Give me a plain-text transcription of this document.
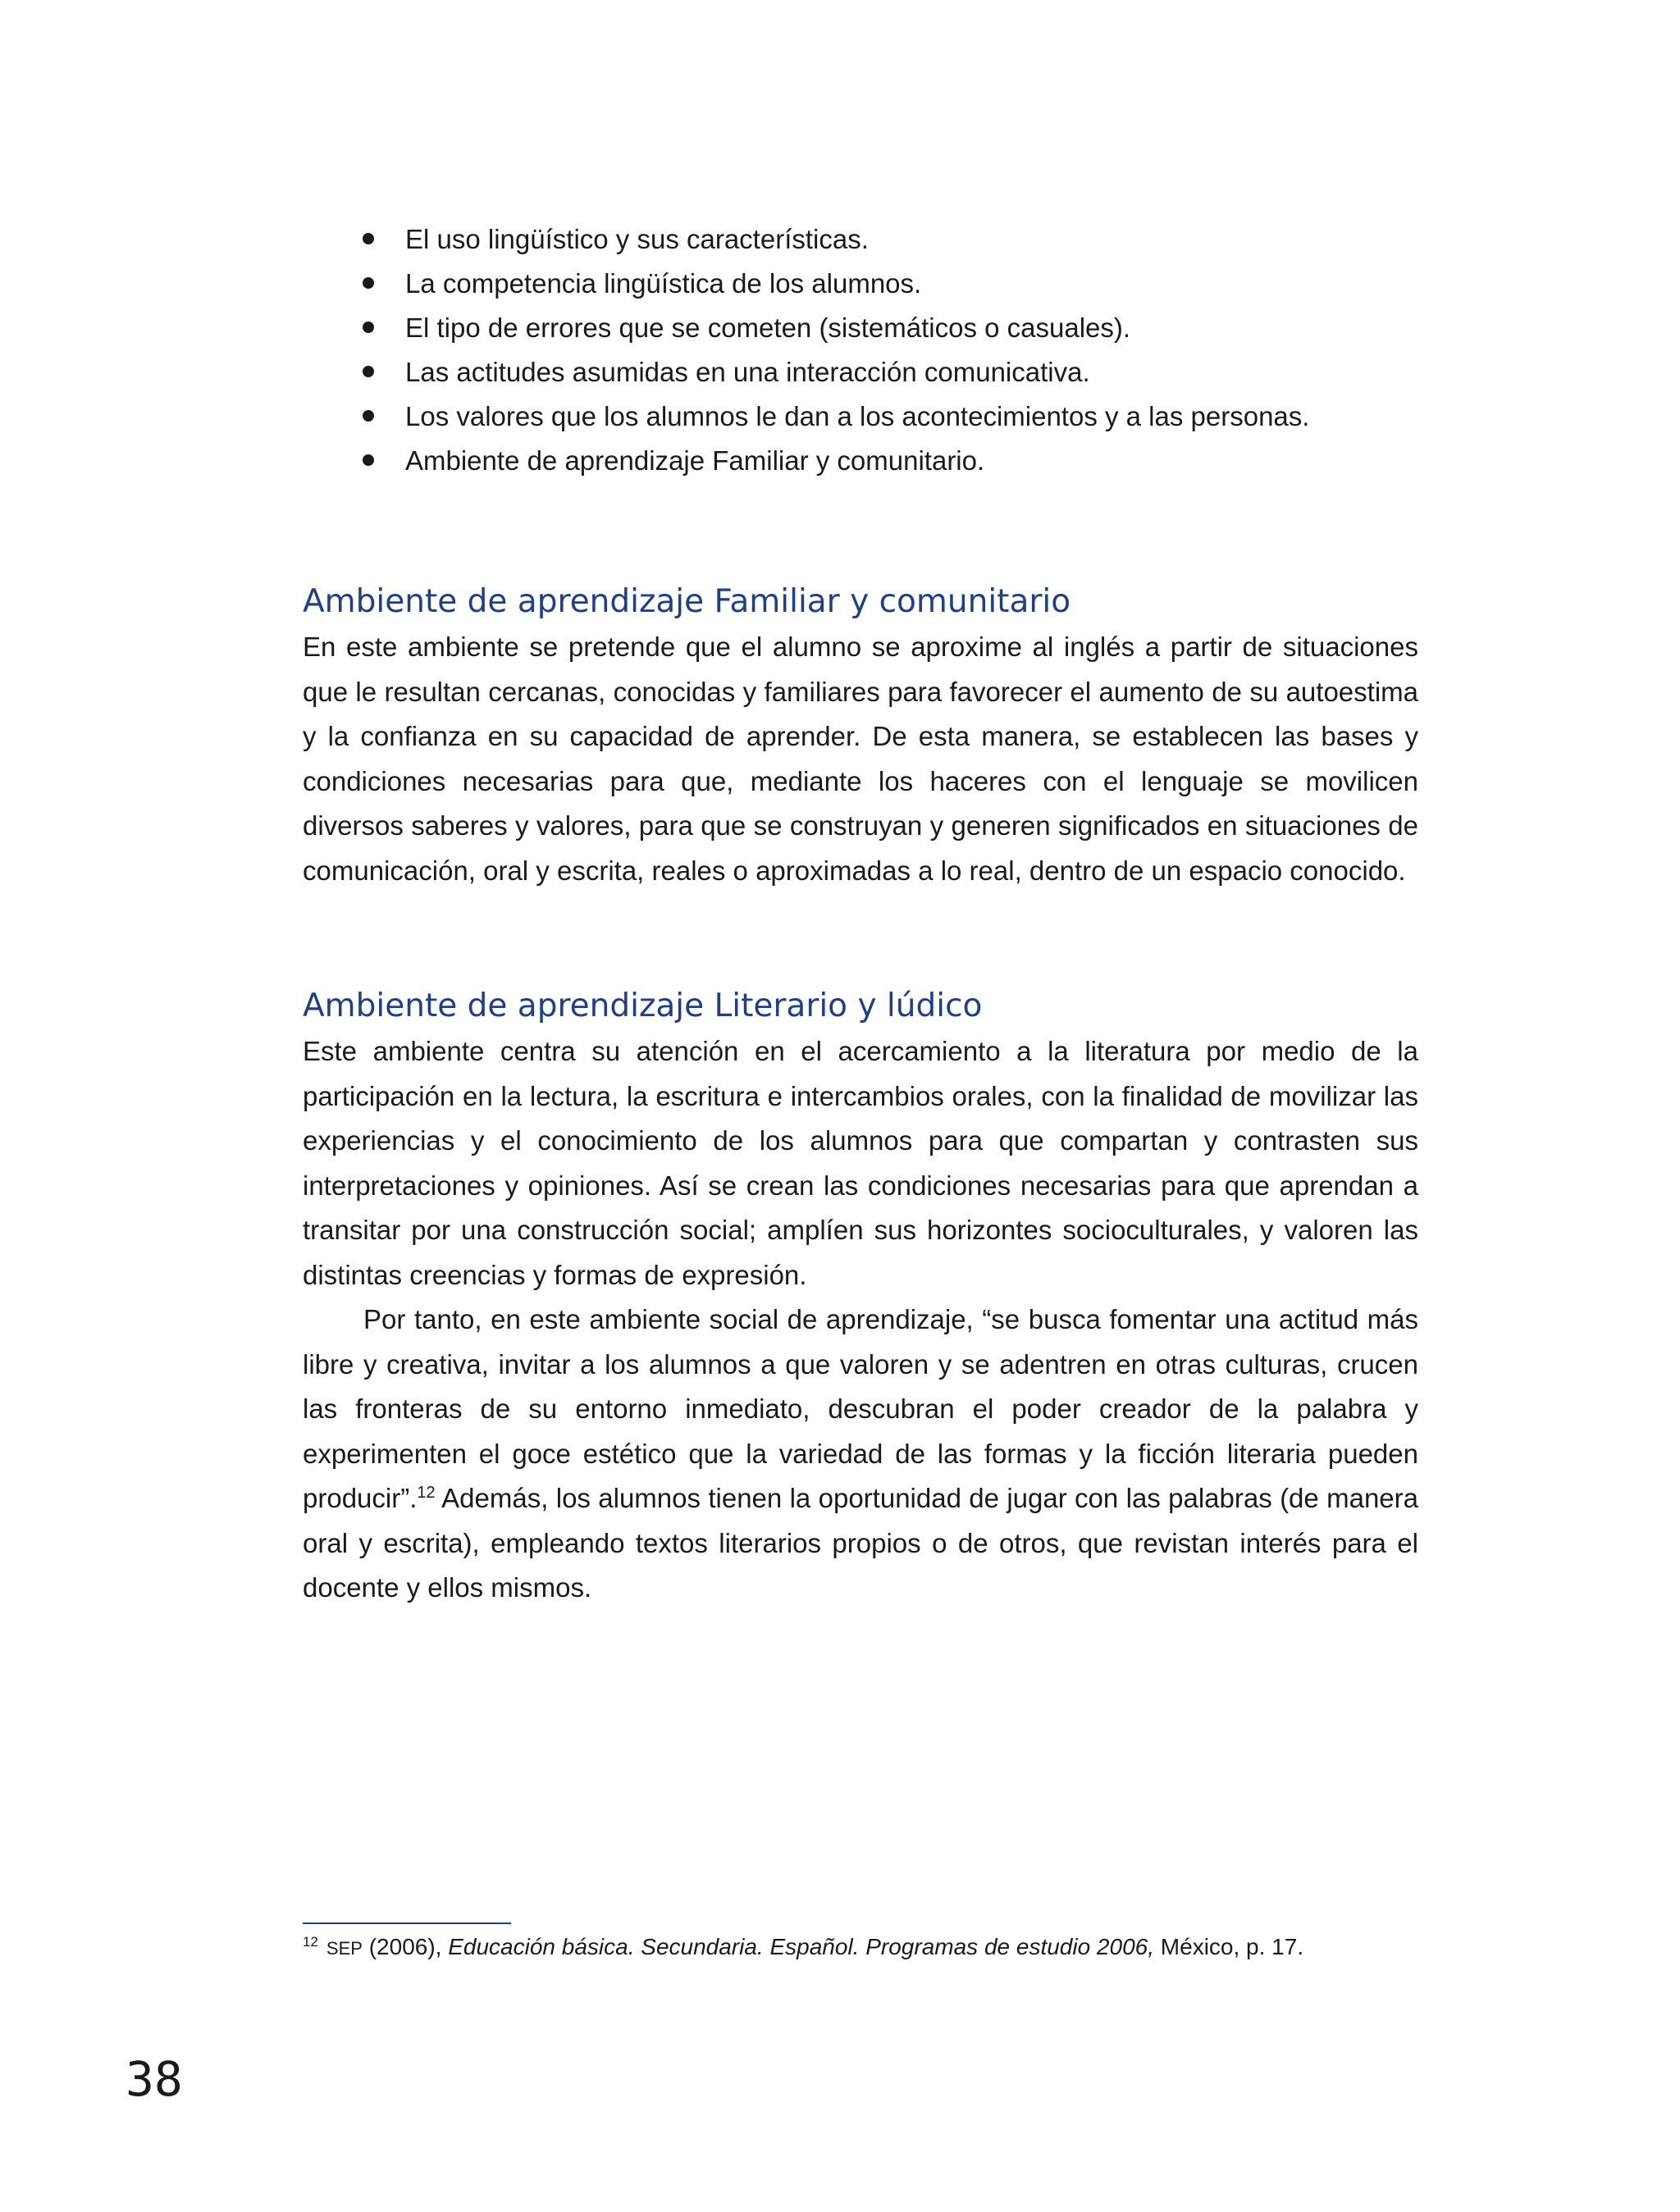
El uso lingüístico y sus características.
La competencia lingüística de los alumnos.
El tipo de errores que se cometen (sistemáticos o casuales).
Las actitudes asumidas en una interacción comunicativa.
Los valores que los alumnos le dan a los acontecimientos y a las personas.
Ambiente de aprendizaje Familiar y comunitario.
Ambiente de aprendizaje Familiar y comunitario

En este ambiente se pretende que el alumno se aproxime al inglés a partir de situaciones que le resultan cercanas, conocidas y familiares para favorecer el aumento de su autoestima y la confianza en su capacidad de aprender. De esta manera, se establecen las bases y condiciones necesarias para que, mediante los haceres con el lenguaje se movilicen diversos saberes y valores, para que se construyan y generen significados en situaciones de comunicación, oral y escrita, reales o aproximadas a lo real, dentro de un espacio conocido.

Ambiente de aprendizaje Literario y lúdico

Este ambiente centra su atención en el acercamiento a la literatura por medio de la participación en la lectura, la escritura e intercambios orales, con la finalidad de movilizar las experiencias y el conocimiento de los alumnos para que compartan y contrasten sus interpretaciones y opiniones. Así se crean las condiciones necesarias para que aprendan a transitar por una construcción social; amplíen sus horizontes socioculturales, y valoren las distintas creencias y formas de expresión.

Por tanto, en este ambiente social de aprendizaje, “se busca fomentar una actitud más libre y creativa, invitar a los alumnos a que valoren y se adentren en otras culturas, crucen las fronteras de su entorno inmediato, descubran el poder creador de la palabra y experimenten el goce estético que la variedad de las formas y la ficción literaria pueden producir”.$^{12}$ Además, los alumnos tienen la oportunidad de jugar con las palabras (de manera oral y escrita), empleando textos literarios propios o de otros, que revistan interés para el docente y ellos mismos.

$^{12}$ SEP (2006), Educación básica. Secundaria. Español. Programas de estudio 2006, México, p. 17.
38
